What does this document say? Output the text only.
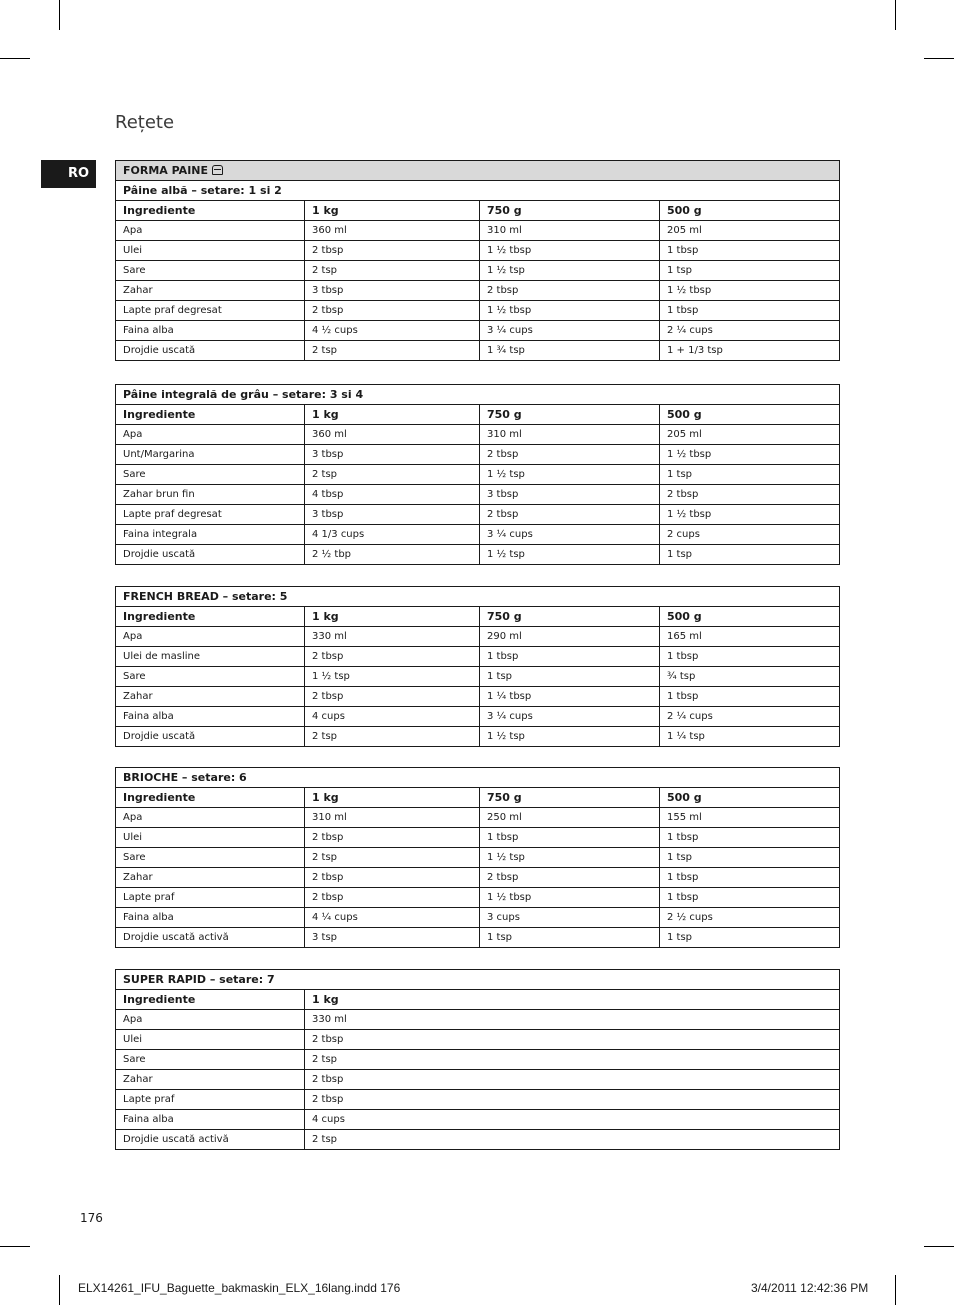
Rețete
RO	FORMA PAINE			
Pâine albă – setare: 1 si 2			
Ingrediente	1 kg	750 g	500 g
Apa	360 ml	310 ml	205 ml
Ulei	2 tbsp	1 ½ tbsp	1 tbsp
Sare	2 tsp	1 ½ tsp	1 tsp
Zahar	3 tbsp	2 tbsp	1 ½ tbsp
Lapte praf degresat	2 tbsp	1 ½ tbsp	1 tbsp
Faina alba	4 ½ cups	3 ¼ cups	2 ¼ cups
Drojdie uscată	2 tsp	1 ¾ tsp	1 + 1/3 tsp
Pâine integrală de grâu – setare: 3 si 4			
Ingrediente	1 kg	750 g	500 g
Apa	360 ml	310 ml	205 ml
Unt/Margarina	3 tbsp	2 tbsp	1 ½ tbsp
Sare	2 tsp	1 ½ tsp	1 tsp
Zahar brun fin	4 tbsp	3 tbsp	2 tbsp
Lapte praf degresat	3 tbsp	2 tbsp	1 ½ tbsp
Faina integrala	4 1/3 cups	3 ¼ cups	2 cups
Drojdie uscată	2 ½ tbp	1 ½ tsp	1 tsp
FRENCH BREAD – setare: 5			
Ingrediente	1 kg	750 g	500 g
Apa	330 ml	290 ml	165 ml
Ulei de masline	2 tbsp	1 tbsp	1 tbsp
Sare	1 ½ tsp	1 tsp	¾ tsp
Zahar	2 tbsp	1 ¼ tbsp	1 tbsp
Faina alba	4 cups	3 ¼ cups	2 ¼ cups
Drojdie uscată	2 tsp	1 ½ tsp	1 ¼ tsp
BRIOCHE – setare: 6			
Ingrediente	1 kg	750 g	500 g
Apa	310 ml	250 ml	155 ml
Ulei	2 tbsp	1 tbsp	1 tbsp
Sare	2 tsp	1 ½ tsp	1 tsp
Zahar	2 tbsp	2 tbsp	1 tbsp
Lapte praf	2 tbsp	1 ½ tbsp	1 tbsp
Faina alba	4 ¼ cups	3 cups	2 ½ cups
Drojdie uscată activă	3 tsp	1 tsp	1 tsp
SUPER RAPID – setare: 7	
Ingrediente	1 kg
Apa	330 ml
Ulei	2 tbsp
Sare	2 tsp
Zahar	2 tbsp
Lapte praf	2 tbsp
Faina alba	4 cups
Drojdie uscată activă	2 tsp
176
ELX14261_IFU_Baguette_bakmaskin_ELX_16lang.indd 176	3/4/2011 12:42:36 PM
